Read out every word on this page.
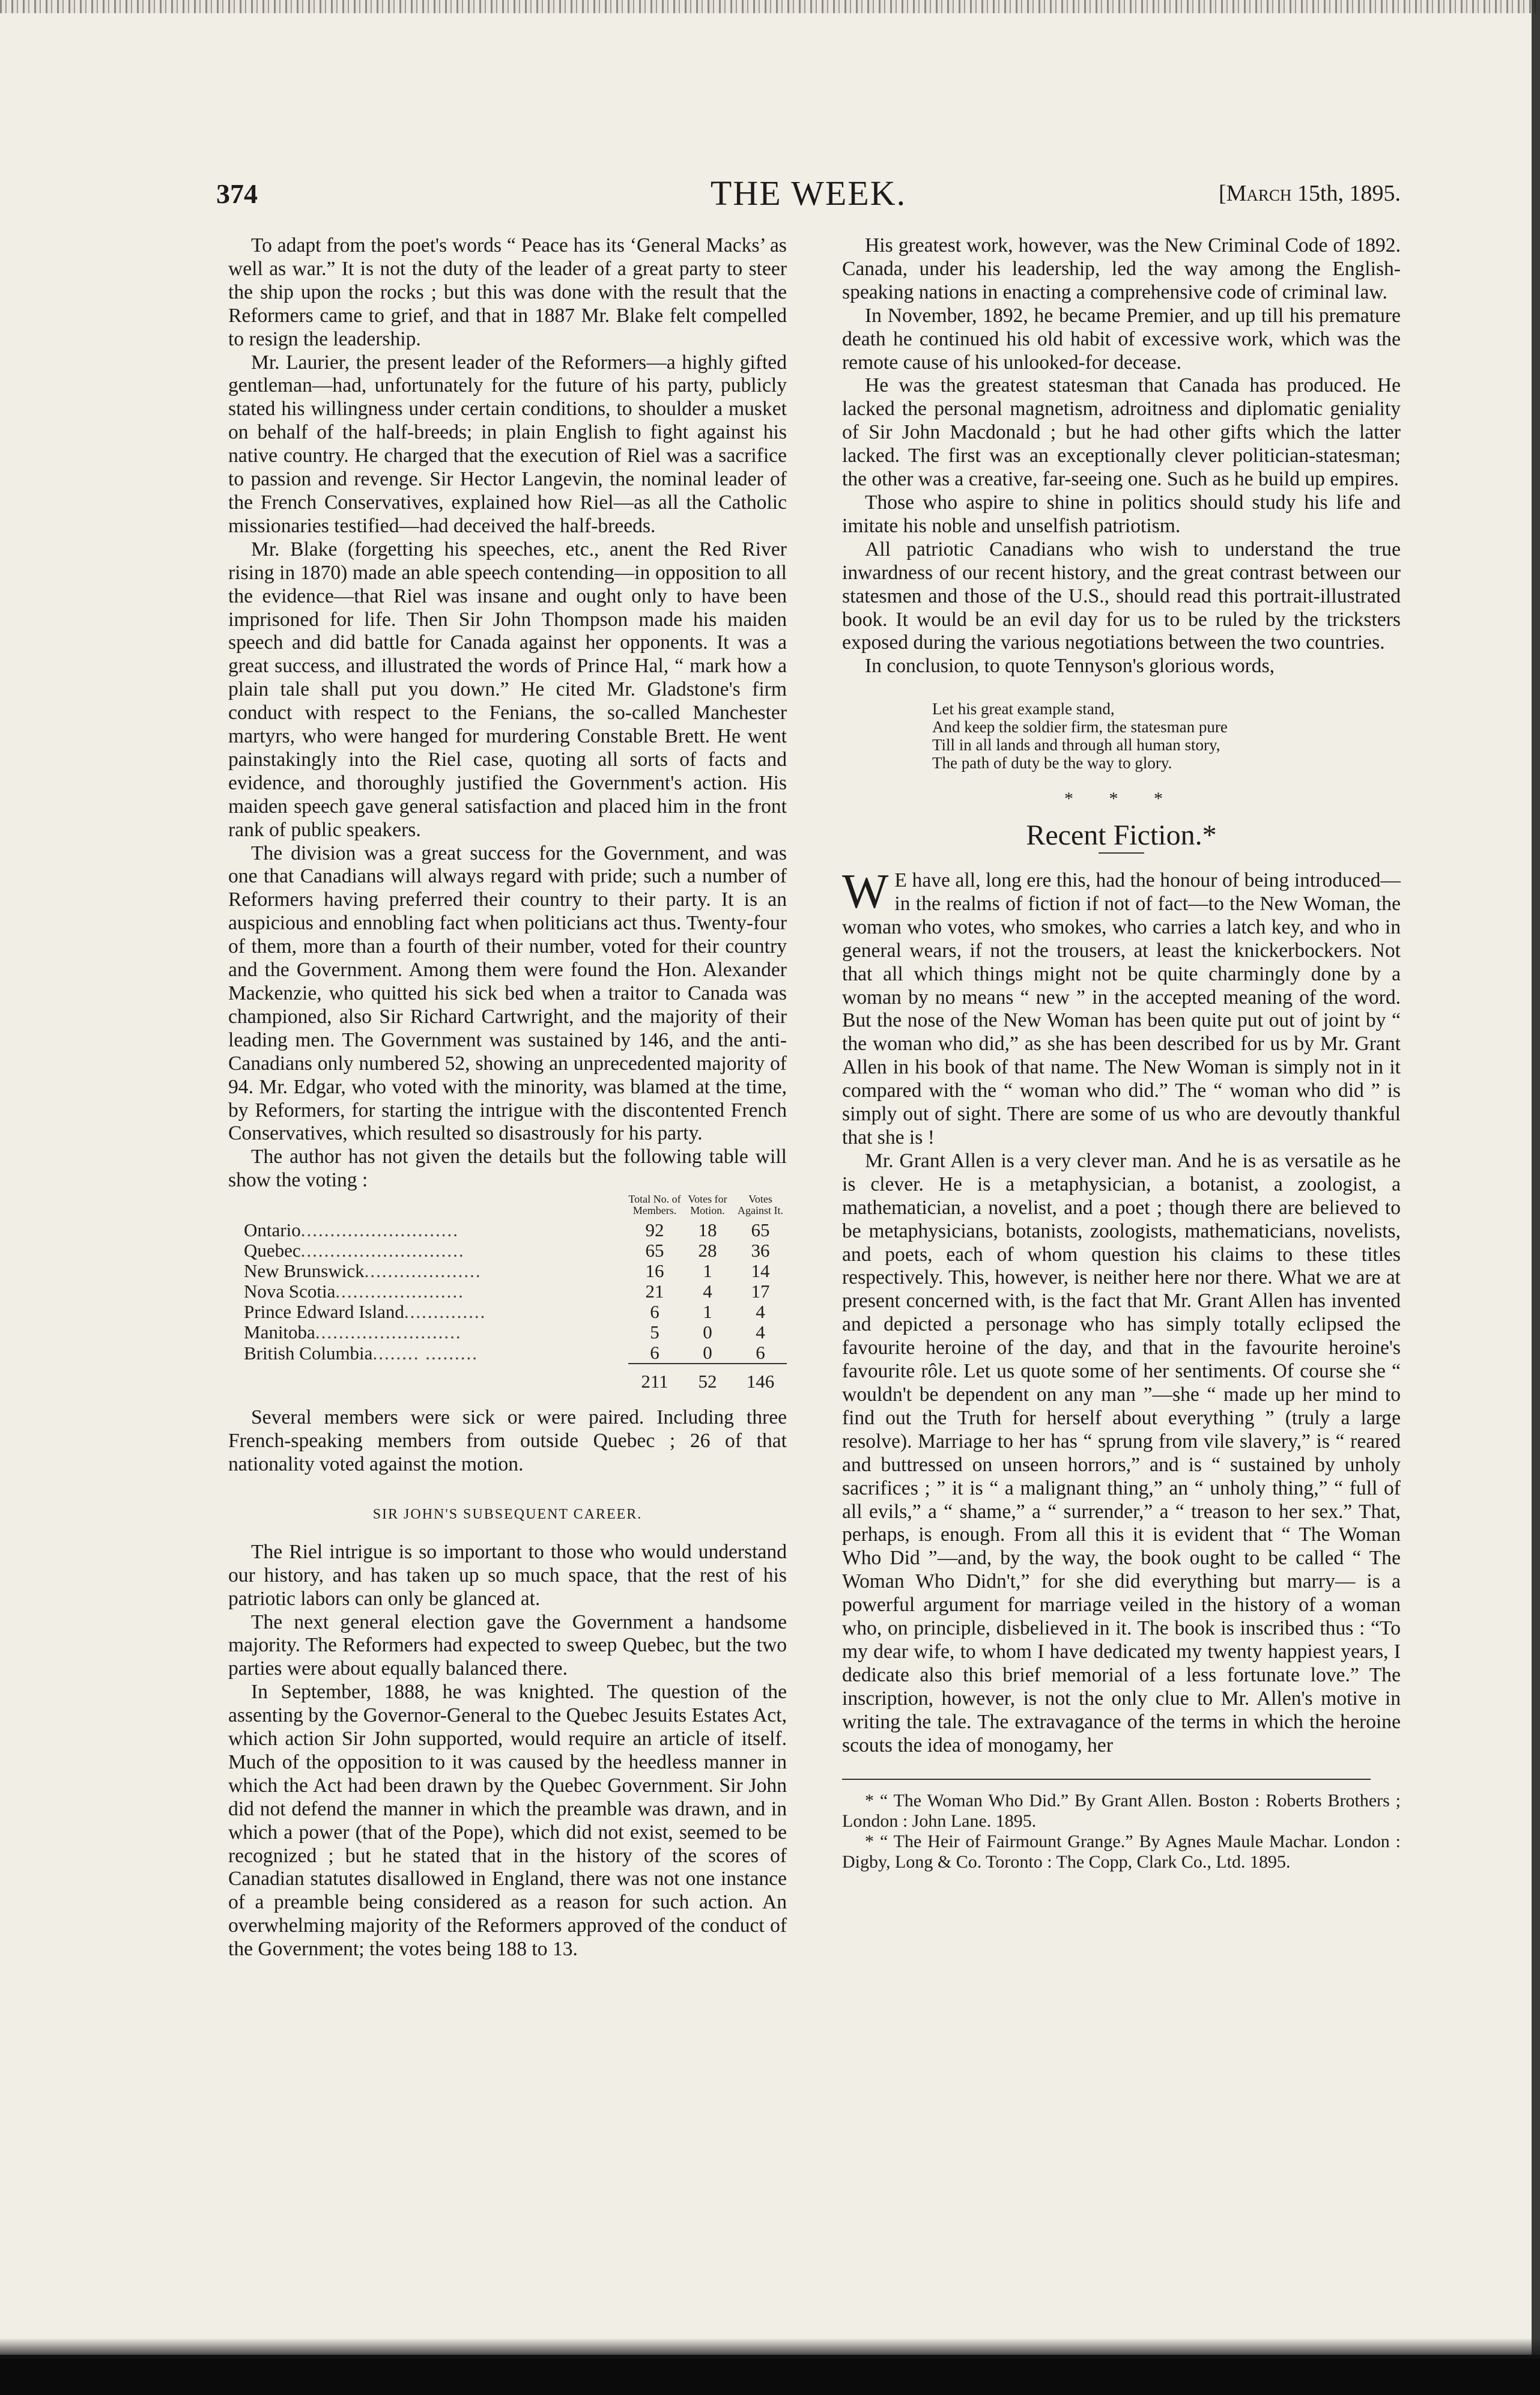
374	THE WEEK.	[March 15th, 1895.

To adapt from the poet's words “ Peace has its ‘General Macks’ as well as war.” It is not the duty of the leader of a great party to steer the ship upon the rocks ; but this was done with the result that the Reformers came to grief, and that in 1887 Mr. Blake felt compelled to resign the leadership.

Mr. Laurier, the present leader of the Reformers—a highly gifted gentleman—had, unfortunately for the future of his party, publicly stated his willingness under certain conditions, to shoulder a musket on behalf of the half-breeds; in plain English to fight against his native country. He charged that the execution of Riel was a sacrifice to passion and revenge. Sir Hector Langevin, the nominal leader of the French Conservatives, explained how Riel—as all the Catholic missionaries testified—had deceived the half-breeds.

Mr. Blake (forgetting his speeches, etc., anent the Red River rising in 1870) made an able speech contending—in opposition to all the evidence—that Riel was insane and ought only to have been imprisoned for life. Then Sir John Thompson made his maiden speech and did battle for Canada against her opponents. It was a great success, and illustrated the words of Prince Hal, “ mark how a plain tale shall put you down.” He cited Mr. Gladstone's firm conduct with respect to the Fenians, the so-called Manchester martyrs, who were hanged for murdering Constable Brett. He went painstakingly into the Riel case, quoting all sorts of facts and evidence, and thoroughly justified the Government's action. His maiden speech gave general satisfaction and placed him in the front rank of public speakers.

The division was a great success for the Government, and was one that Canadians will always regard with pride; such a number of Reformers having preferred their country to their party. It is an auspicious and ennobling fact when politicians act thus. Twenty-four of them, more than a fourth of their number, voted for their country and the Government. Among them were found the Hon. Alexander Mackenzie, who quitted his sick bed when a traitor to Canada was championed, also Sir Richard Cartwright, and the majority of their leading men. The Government was sustained by 146, and the anti-Canadians only numbered 52, showing an unprecedented majority of 94. Mr. Edgar, who voted with the minority, was blamed at the time, by Reformers, for starting the intrigue with the discontented French Conservatives, which resulted so disastrously for his party.

The author has not given the details but the following table will show the voting :

	Total No. of Members.	Votes for Motion.	Votes Against It.
Ontario...........................	92	18	65
Quebec............................	65	28	36
New Brunswick....................	16	1	14
Nova Scotia......................	21	4	17
Prince Edward Island..............	6	1	4
Manitoba.........................	5	0	4
British Columbia........ .........	6	0	6
	211	52	146

Several members were sick or were paired. Including three French-speaking members from outside Quebec ; 26 of that nationality voted against the motion.

SIR JOHN'S SUBSEQUENT CAREER.

The Riel intrigue is so important to those who would understand our history, and has taken up so much space, that the rest of his patriotic labors can only be glanced at.

The next general election gave the Government a handsome majority. The Reformers had expected to sweep Quebec, but the two parties were about equally balanced there.

In September, 1888, he was knighted. The question of the assenting by the Governor-General to the Quebec Jesuits Estates Act, which action Sir John supported, would require an article of itself. Much of the opposition to it was caused by the heedless manner in which the Act had been drawn by the Quebec Government. Sir John did not defend the manner in which the preamble was drawn, and in which a power (that of the Pope), which did not exist, seemed to be recognized ; but he stated that in the history of the scores of Canadian statutes disallowed in England, there was not one instance of a preamble being considered as a reason for such action. An overwhelming majority of the Reformers approved of the conduct of the Government; the votes being 188 to 13.

His greatest work, however, was the New Criminal Code of 1892. Canada, under his leadership, led the way among the English-speaking nations in enacting a comprehensive code of criminal law.

In November, 1892, he became Premier, and up till his premature death he continued his old habit of excessive work, which was the remote cause of his unlooked-for decease.

He was the greatest statesman that Canada has produced. He lacked the personal magnetism, adroitness and diplomatic geniality of Sir John Macdonald ; but he had other gifts which the latter lacked. The first was an exceptionally clever politician-statesman; the other was a creative, far-seeing one. Such as he build up empires.

Those who aspire to shine in politics should study his life and imitate his noble and unselfish patriotism.

All patriotic Canadians who wish to understand the true inwardness of our recent history, and the great contrast between our statesmen and those of the U.S., should read this portrait-illustrated book. It would be an evil day for us to be ruled by the tricksters exposed during the various negotiations between the two countries.

In conclusion, to quote Tennyson's glorious words,

Let his great example stand,
And keep the soldier firm, the statesman pure
Till in all lands and through all human story,
The path of duty be the way to glory.
* * *
Recent Fiction.*

W E have all, long ere this, had the honour of being introduced—in the realms of fiction if not of fact—to the New Woman, the woman who votes, who smokes, who carries a latch key, and who in general wears, if not the trousers, at least the knickerbockers. Not that all which things might not be quite charmingly done by a woman by no means “ new ” in the accepted meaning of the word. But the nose of the New Woman has been quite put out of joint by “ the woman who did,” as she has been described for us by Mr. Grant Allen in his book of that name. The New Woman is simply not in it compared with the “ woman who did.” The “ woman who did ” is simply out of sight. There are some of us who are devoutly thankful that she is !

Mr. Grant Allen is a very clever man. And he is as versatile as he is clever. He is a metaphysician, a botanist, a zoologist, a mathematician, a novelist, and a poet ; though there are believed to be metaphysicians, botanists, zoologists, mathematicians, novelists, and poets, each of whom question his claims to these titles respectively. This, however, is neither here nor there. What we are at present concerned with, is the fact that Mr. Grant Allen has invented and depicted a personage who has simply totally eclipsed the favourite heroine of the day, and that in the favourite heroine's favourite rôle. Let us quote some of her sentiments. Of course she “ wouldn't be dependent on any man ”—she “ made up her mind to find out the Truth for herself about everything ” (truly a large resolve). Marriage to her has “ sprung from vile slavery,” is “ reared and buttressed on unseen horrors,” and is “ sustained by unholy sacrifices ; ” it is “ a malignant thing,” an “ unholy thing,” “ full of all evils,” a “ shame,” a “ surrender,” a “ treason to her sex.” That, perhaps, is enough. From all this it is evident that “ The Woman Who Did ”—and, by the way, the book ought to be called “ The Woman Who Didn't,” for she did everything but marry— is a powerful argument for marriage veiled in the history of a woman who, on principle, disbelieved in it. The book is inscribed thus : “To my dear wife, to whom I have dedicated my twenty happiest years, I dedicate also this brief memorial of a less fortunate love.” The inscription, however, is not the only clue to Mr. Allen's motive in writing the tale. The extravagance of the terms in which the heroine scouts the idea of monogamy, her

* “ The Woman Who Did.” By Grant Allen. Boston : Roberts Brothers ; London : John Lane. 1895.

* “ The Heir of Fairmount Grange.” By Agnes Maule Machar. London : Digby, Long & Co. Toronto : The Copp, Clark Co., Ltd. 1895.
